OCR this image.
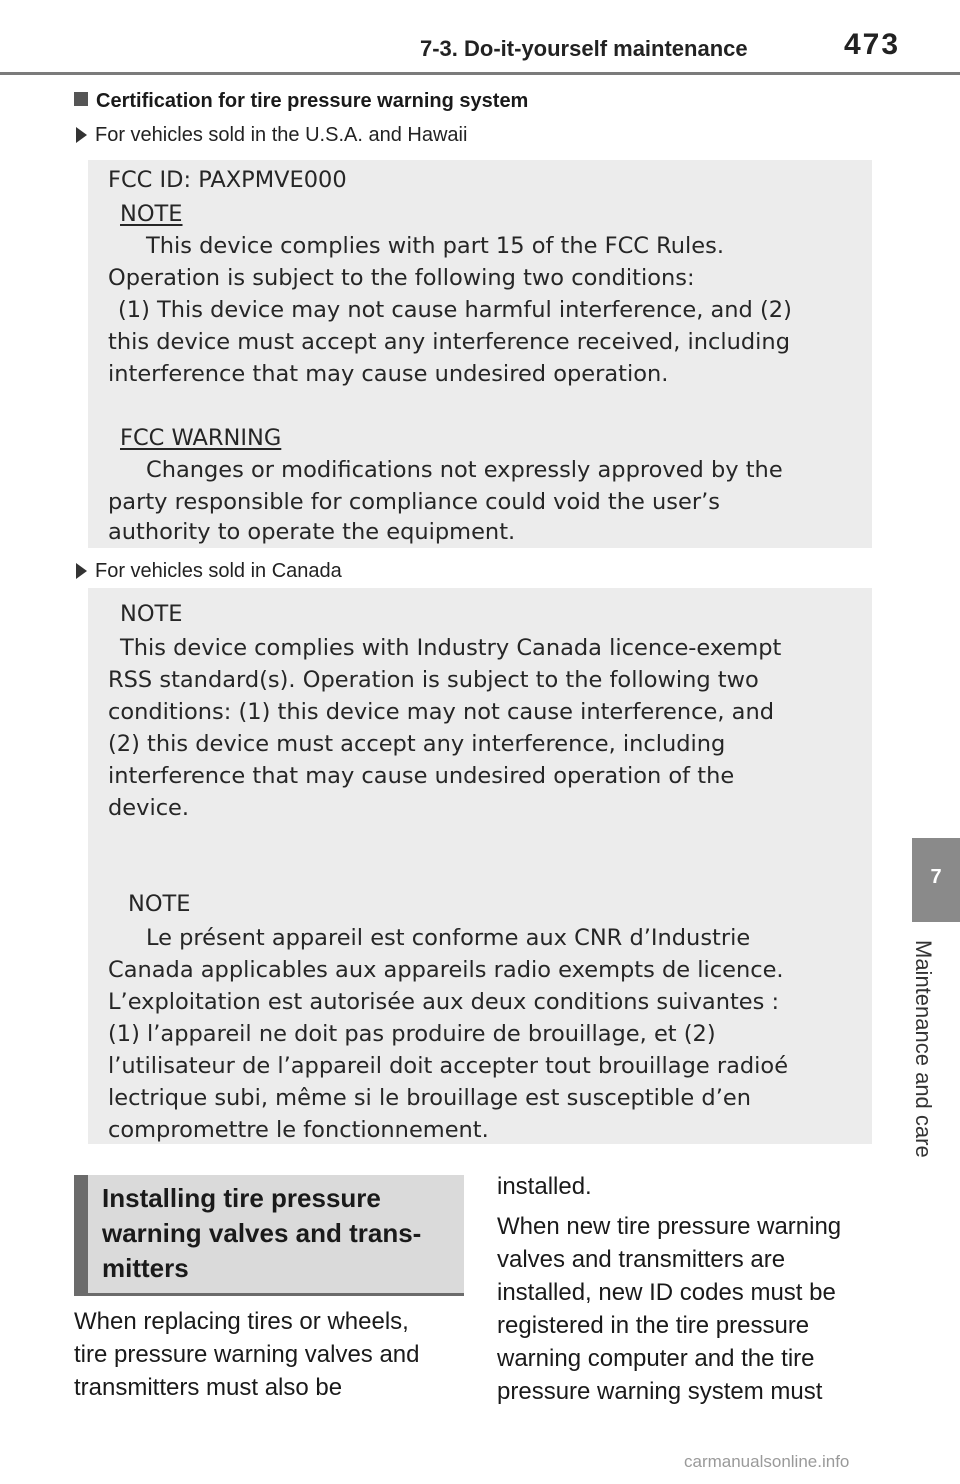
7-3. Do-it-yourself maintenance	473
7
Maintenance and care
Certification for tire pressure warning system
For vehicles sold in the U.S.A. and Hawaii
FCC ID: PAXPMVE000
NOTE
This device complies with part 15 of the FCC Rules.
Operation is subject to the following two conditions:
(1) This device may not cause harmful interference, and (2)
this device must accept any interference received, including
interference that may cause undesired operation.
FCC WARNING
Changes or modifications not expressly approved by the
party responsible for compliance could void the user’s
authority to operate the equipment.
For vehicles sold in Canada
NOTE
This device complies with Industry Canada licence-exempt
RSS standard(s). Operation is subject to the following two
conditions: (1) this device may not cause interference, and
(2) this device must accept any interference, including
interference that may cause undesired operation of the
device.
NOTE
Le présent appareil est conforme aux CNR d’Industrie
Canada applicables aux appareils radio exempts de licence.
L’exploitation est autorisée aux deux conditions suivantes :
(1) l’appareil ne doit pas produire de brouillage, et (2)
l’utilisateur de l’appareil doit accepter tout brouillage radioé
lectrique subi, même si le brouillage est susceptible d’en
compromettre le fonctionnement.
Installing tire pressure
warning valves and trans-
mitters
When replacing tires or wheels,
tire pressure warning valves and
transmitters must also be
installed.
When new tire pressure warning
valves and transmitters are
installed, new ID codes must be
registered in the tire pressure
warning computer and the tire
pressure warning system must
carmanualsonline.info
